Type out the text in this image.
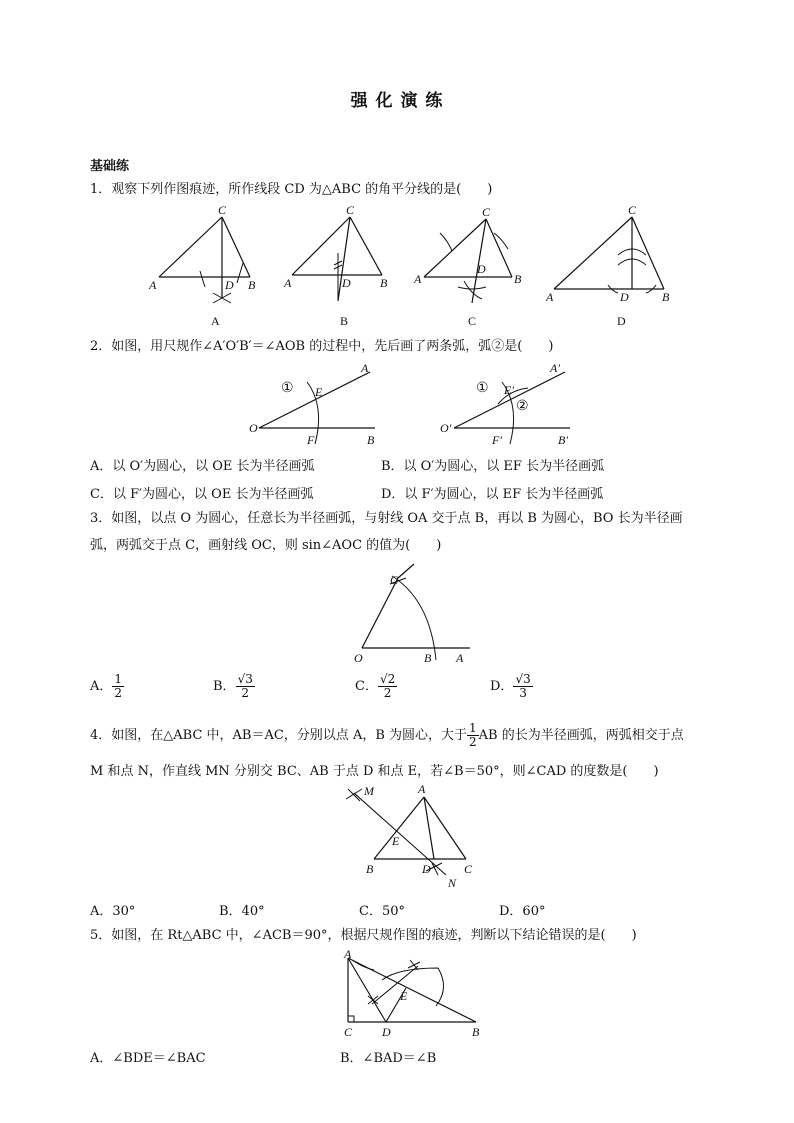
强 化 演 练
基础练
1．观察下列作图痕迹，所作线段 CD 为△ABC 的角平分线的是(　　)
C
A	D B
A
C
A	D B
B
C
A
D
B
C
C
A	D	B
D
2．如图，用尺规作∠A′O′B′＝∠AOB 的过程中，先后画了两条弧，弧②是(　　)
① E
A
O
F	B
①
②
E′
A′
O′
F′	B′
A．以 O′为圆心，以 OE 长为半径画弧	B．以 O′为圆心，以 EF 长为半径画弧
C．以 F′为圆心，以 OE 长为半径画弧	D．以 F′为圆心，以 EF 长为半径画弧
3．如图，以点 O 为圆心，任意长为半径画弧，与射线 OA 交于点 B，再以 B 为圆心，BO 长为半径画
弧，两弧交于点 C，画射线 OC，则 sin∠AOC 的值为(　　)
C
O	B A
A． $\frac{1}{2}$	B． $\frac{√3}{2}$	C． $\frac{√2}{2}$	D． $\frac{√3}{3}$
4．如图，在△ABC 中，AB＝AC，分别以点 A，B 为圆心，大于 $\frac{1}{2}$ AB 的长为半径画弧，两弧相交于点
M 和点 N，作直线 MN 分别交 BC、AB 于点 D 和点 E，若∠B＝50°，则∠CAD 的度数是(　　)
M	A
E
B	D	C
N
A．30°	B．40°	C．50°	D．60°
5．如图，在 Rt△ABC 中，∠ACB＝90°，根据尺规作图的痕迹，判断以下结论错误的是(　　)
A
E
C D	B
A．∠BDE＝∠BAC	B．∠BAD＝∠B
